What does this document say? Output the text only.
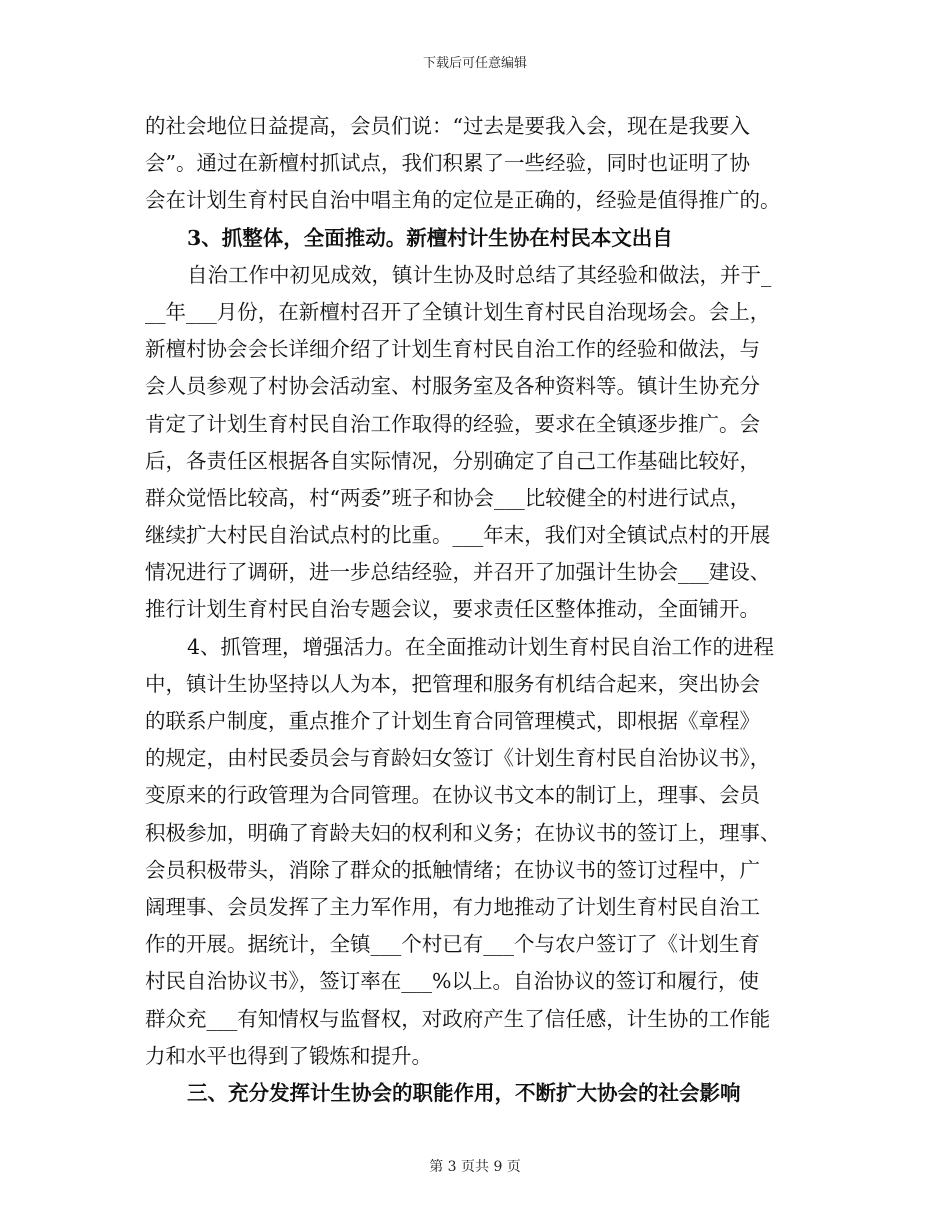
下载后可任意编辑
的社会地位日益提高，会员们说：“过去是要我入会，现在是我要入
会”。通过在新檀村抓试点，我们积累了一些经验，同时也证明了协
会在计划生育村民自治中唱主角的定位是正确的，经验是值得推广的。
3、抓整体，全面推动。新檀村计生协在村民本文出自
自治工作中初见成效，镇计生协及时总结了其经验和做法，并于_
__年___月份，在新檀村召开了全镇计划生育村民自治现场会。会上，
新檀村协会会长详细介绍了计划生育村民自治工作的经验和做法，与
会人员参观了村协会活动室、村服务室及各种资料等。镇计生协充分
肯定了计划生育村民自治工作取得的经验，要求在全镇逐步推广。会
后，各责任区根据各自实际情况，分别确定了自己工作基础比较好，
群众觉悟比较高，村“两委”班子和协会___比较健全的村进行试点，
继续扩大村民自治试点村的比重。___年末，我们对全镇试点村的开展
情况进行了调研，进一步总结经验，并召开了加强计生协会___建设、
推行计划生育村民自治专题会议，要求责任区整体推动，全面铺开。
4、抓管理，增强活力。在全面推动计划生育村民自治工作的进程
中，镇计生协坚持以人为本，把管理和服务有机结合起来，突出协会
的联系户制度，重点推介了计划生育合同管理模式，即根据《章程》
的规定，由村民委员会与育龄妇女签订《计划生育村民自治协议书》，
变原来的行政管理为合同管理。在协议书文本的制订上，理事、会员
积极参加，明确了育龄夫妇的权利和义务；在协议书的签订上，理事、
会员积极带头，消除了群众的抵触情绪；在协议书的签订过程中，广
阔理事、会员发挥了主力军作用，有力地推动了计划生育村民自治工
作的开展。据统计，全镇___个村已有___个与农户签订了《计划生育
村民自治协议书》，签订率在___%以上。自治协议的签订和履行，使
群众充___有知情权与监督权，对政府产生了信任感，计生协的工作能
力和水平也得到了锻炼和提升。
三、充分发挥计生协会的职能作用，不断扩大协会的社会影响
第 3 页共 9 页
